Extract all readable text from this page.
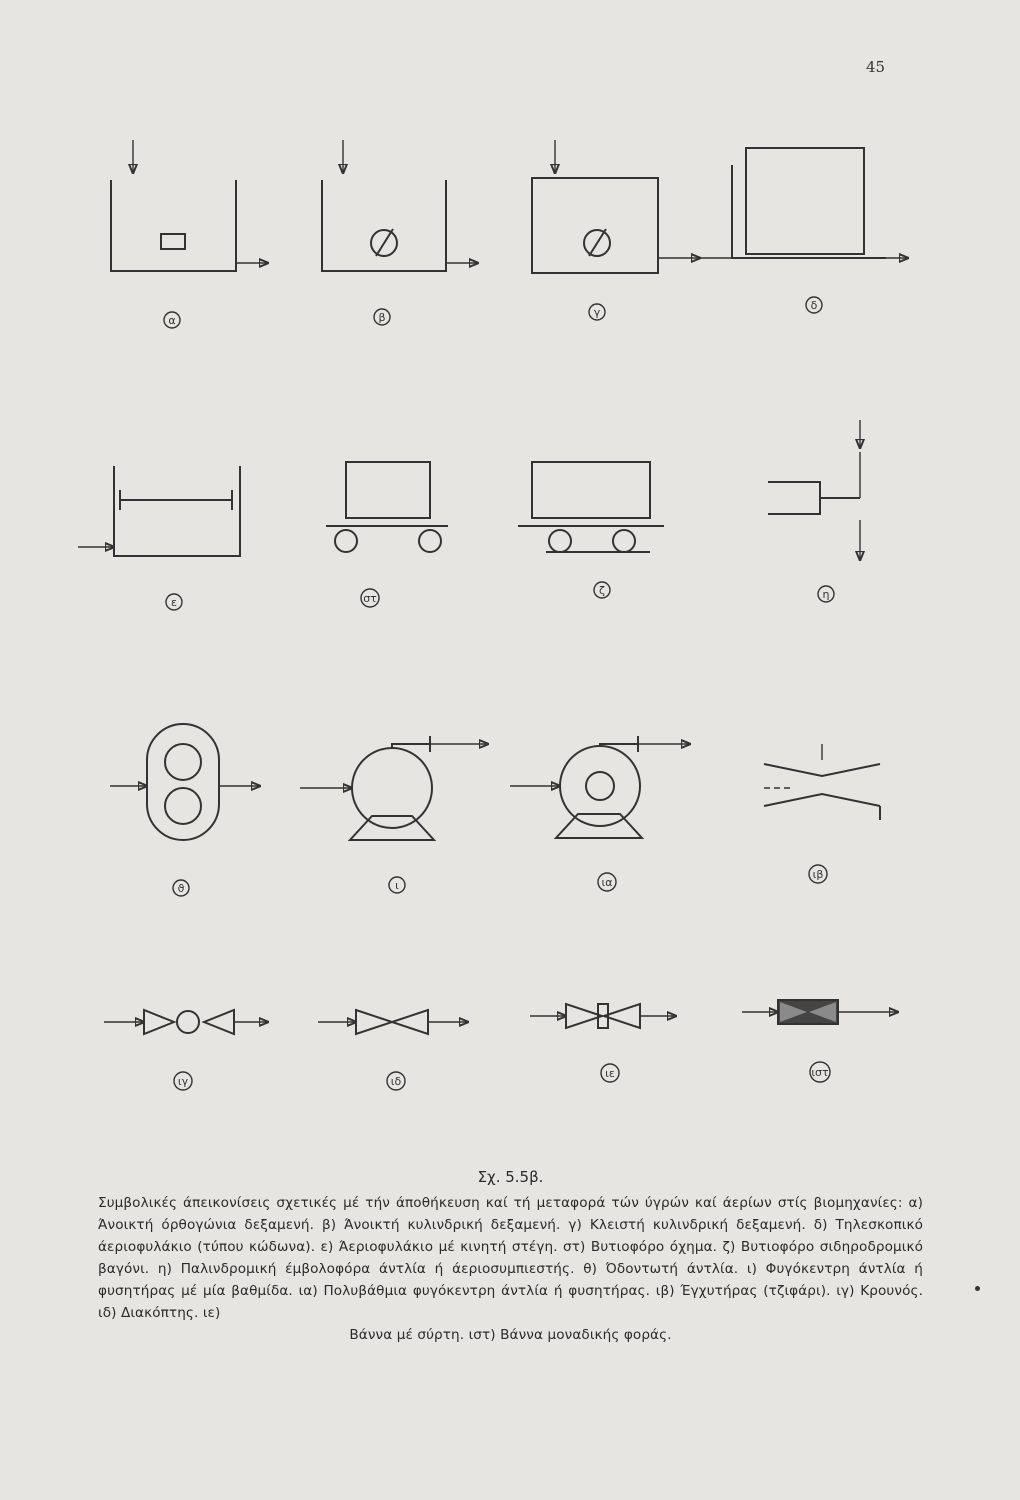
45
α	β	γ
δ
ε	στ
ζ	η
ϑ	ι	ια
ιβ
ιγ	ιδ
ιε	ιστ
Σχ. 5.5β.
Συμβολικές άπεικονίσεις σχετικές μέ τήν άποθήκευση καί τή μεταφορά τών ύγρών καί άερίων στίς βιομηχανίες: α) Άνοικτή όρθογώνια δεξαμενή. β) Άνοικτή κυλινδρική δεξαμενή. γ) Κλειστή κυλινδρική δεξαμενή. δ) Τηλεσκοπικό άεριοφυλάκιο (τύπου κώδωνα). ε) Άεριοφυλάκιο μέ κινητή στέγη. στ) Βυτιοφόρο όχημα. ζ) Βυτιοφόρο σιδηροδρομικό βαγόνι. η) Παλινδρομική έμβολοφόρα άντλία ή άεριοσυμπιεστής. θ) Όδοντωτή άντλία. ι) Φυγόκεντρη άντλία ή φυσητήρας μέ μία βαθμίδα. ια) Πολυβάθμια φυγόκεντρη άντλία ή φυσητήρας. ιβ) Έγχυτήρας (τζιφάρι). ιγ) Κρουνός. ιδ) Διακόπτης. ιε)
Βάννα μέ σύρτη. ιστ) Βάννα μοναδικής φοράς.
